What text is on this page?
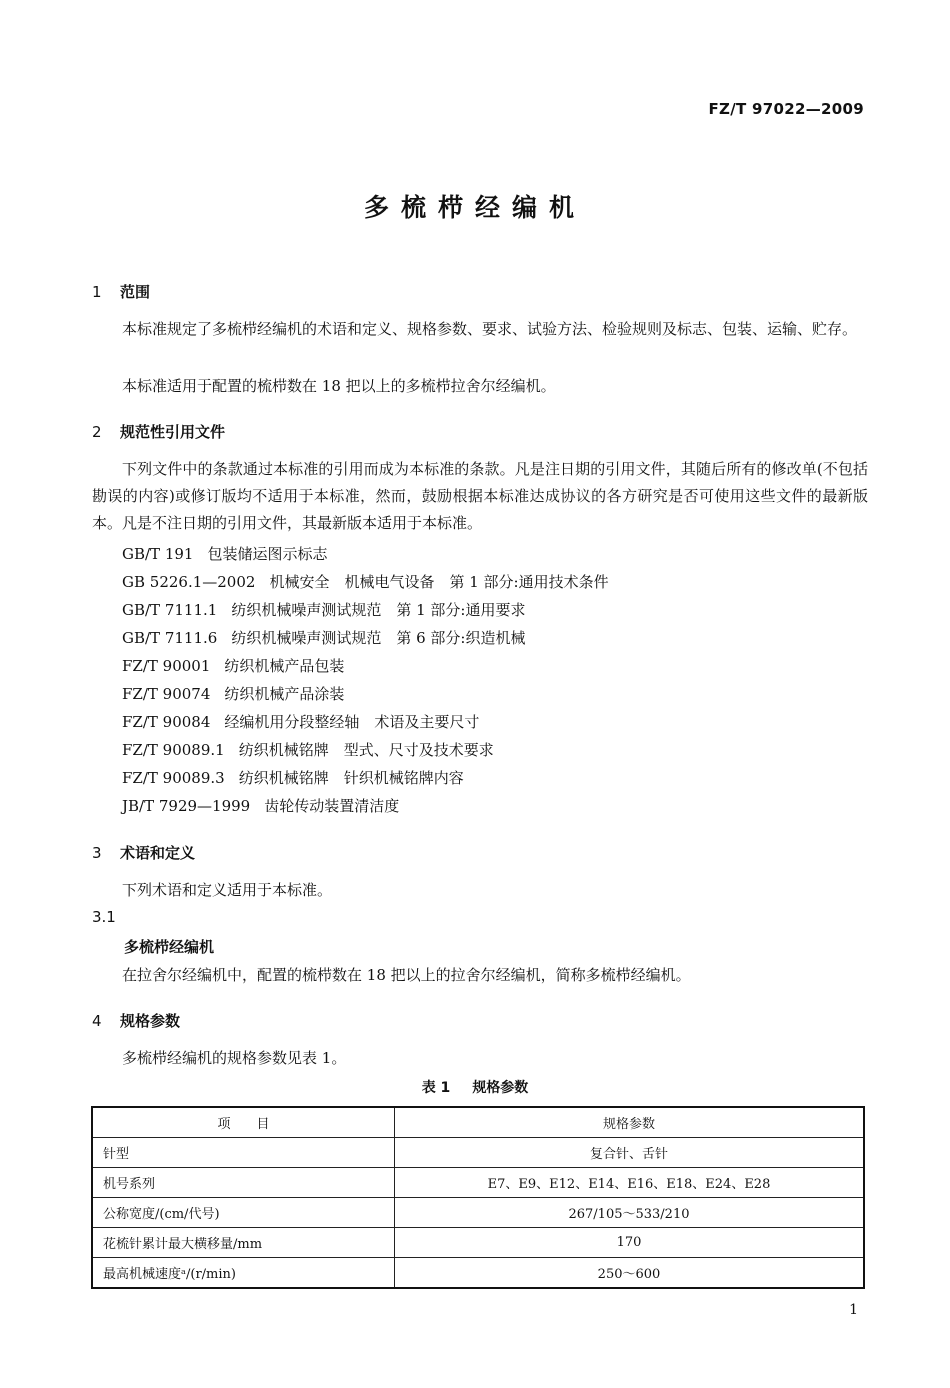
FZ/T 97022—2009
多梳栉经编机
1 范围

本标准规定了多梳栉经编机的术语和定义、规格参数、要求、试验方法、检验规则及标志、包装、运输、贮存。

本标准适用于配置的梳栉数在 18 把以上的多梳栉拉舍尔经编机。

2 规范性引用文件

下列文件中的条款通过本标准的引用而成为本标准的条款。凡是注日期的引用文件，其随后所有的修改单(不包括勘误的内容)或修订版均不适用于本标准，然而，鼓励根据本标准达成协议的各方研究是否可使用这些文件的最新版本。凡是不注日期的引用文件，其最新版本适用于本标准。

GB/T 191 包装储运图示标志
GB 5226.1—2002 机械安全　机械电气设备　第 1 部分:通用技术条件
GB/T 7111.1 纺织机械噪声测试规范　第 1 部分:通用要求
GB/T 7111.6 纺织机械噪声测试规范　第 6 部分:织造机械
FZ/T 90001 纺织机械产品包装
FZ/T 90074 纺织机械产品涂装
FZ/T 90084 经编机用分段整经轴　术语及主要尺寸
FZ/T 90089.1 纺织机械铭牌　型式、尺寸及技术要求
FZ/T 90089.3 纺织机械铭牌　针织机械铭牌内容
JB/T 7929—1999 齿轮传动装置清洁度
3 术语和定义

下列术语和定义适用于本标准。

3.1
多梳栉经编机

在拉舍尔经编机中，配置的梳栉数在 18 把以上的拉舍尔经编机，简称多梳栉经编机。

4 规格参数

多梳栉经编机的规格参数见表 1。

表 1 规格参数
项　　目	规格参数
针型	复合针、舌针
机号系列	E7、E9、E12、E14、E16、E18、E24、E28
公称宽度/(cm/代号)	267/105～533/210
花梳针累计最大横移量/mm	170
最高机械速度ᵃ/(r/min)	250～600
1
